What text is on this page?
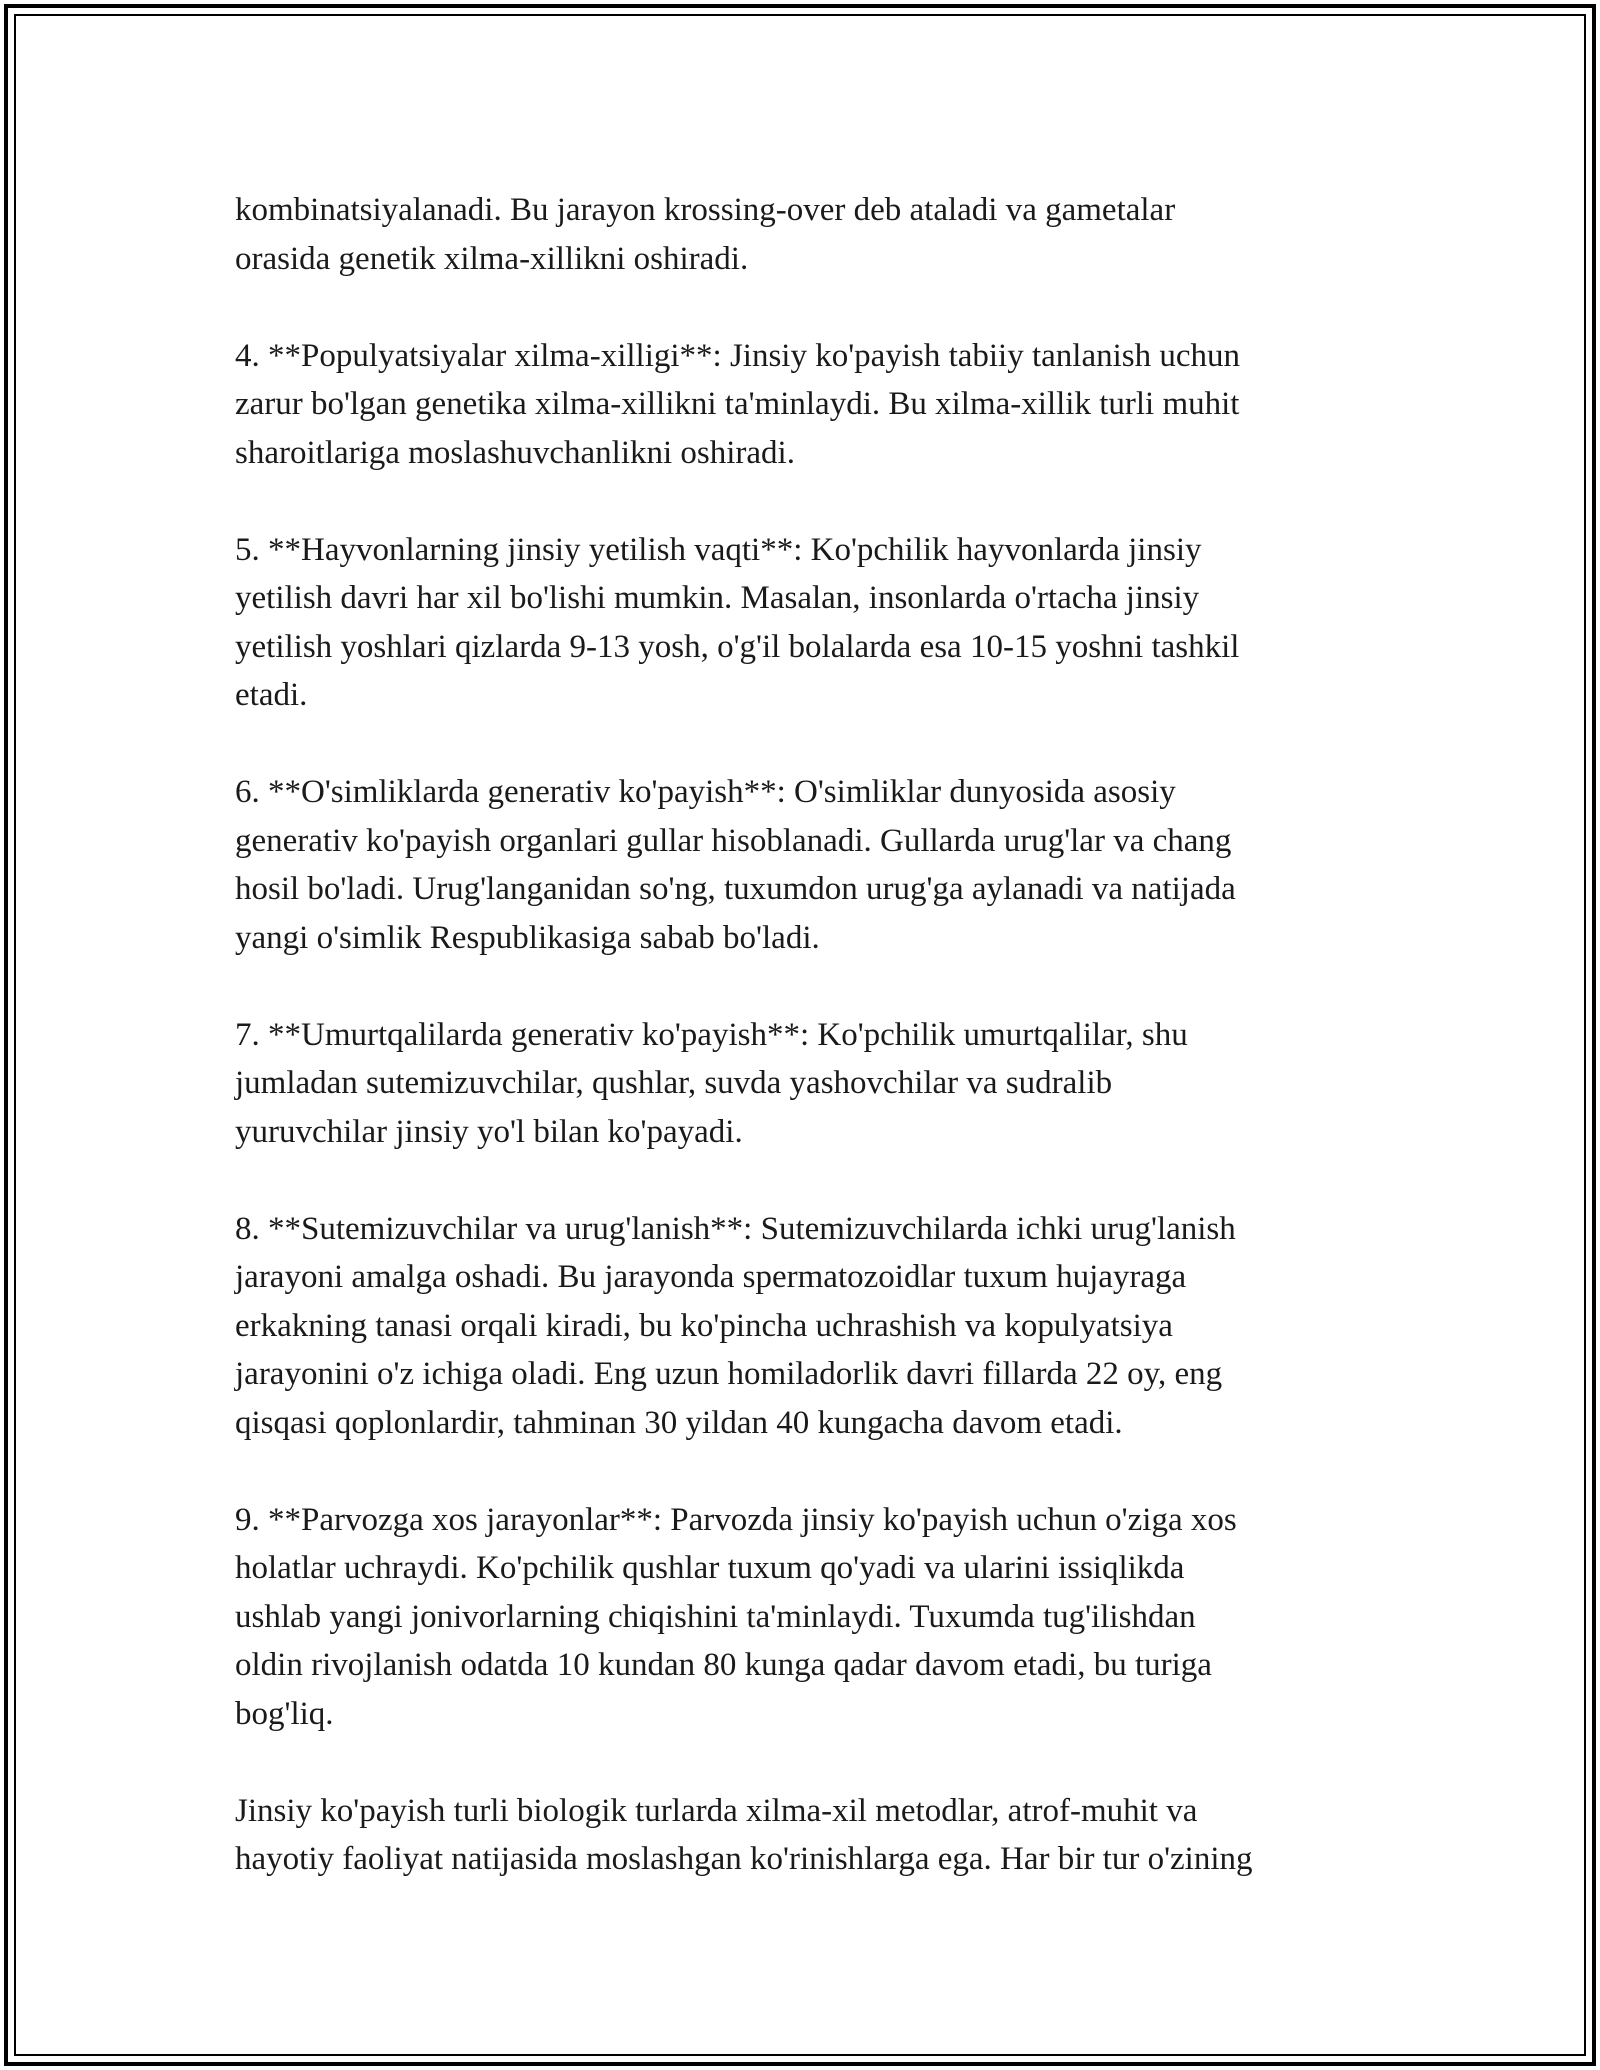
kombinatsiyalanadi. Bu jarayon krossing-over deb ataladi va gametalar
orasida genetik xilma-xillikni oshiradi.

4. **Populyatsiyalar xilma-xilligi**: Jinsiy ko'payish tabiiy tanlanish uchun
zarur bo'lgan genetika xilma-xillikni ta'minlaydi. Bu xilma-xillik turli muhit
sharoitlariga moslashuvchanlikni oshiradi.

5. **Hayvonlarning jinsiy yetilish vaqti**: Ko'pchilik hayvonlarda jinsiy
yetilish davri har xil bo'lishi mumkin. Masalan, insonlarda o'rtacha jinsiy
yetilish yoshlari qizlarda 9-13 yosh, o'g'il bolalarda esa 10-15 yoshni tashkil
etadi.

6. **O'simliklarda generativ ko'payish**: O'simliklar dunyosida asosiy
generativ ko'payish organlari gullar hisoblanadi. Gullarda urug'lar va chang
hosil bo'ladi. Urug'langanidan so'ng, tuxumdon urug'ga aylanadi va natijada
yangi o'simlik Respublikasiga sabab bo'ladi.

7. **Umurtqalilarda generativ ko'payish**: Ko'pchilik umurtqalilar, shu
jumladan sutemizuvchilar, qushlar, suvda yashovchilar va sudralib
yuruvchilar jinsiy yo'l bilan ko'payadi.

8. **Sutemizuvchilar va urug'lanish**: Sutemizuvchilarda ichki urug'lanish
jarayoni amalga oshadi. Bu jarayonda spermatozoidlar tuxum hujayraga
erkakning tanasi orqali kiradi, bu ko'pincha uchrashish va kopulyatsiya
jarayonini o'z ichiga oladi. Eng uzun homiladorlik davri fillarda 22 oy, eng
qisqasi qoplonlardir, tahminan 30 yildan 40 kungacha davom etadi.

9. **Parvozga xos jarayonlar**: Parvozda jinsiy ko'payish uchun o'ziga xos
holatlar uchraydi. Ko'pchilik qushlar tuxum qo'yadi va ularini issiqlikda
ushlab yangi jonivorlarning chiqishini ta'minlaydi. Tuxumda tug'ilishdan
oldin rivojlanish odatda 10 kundan 80 kunga qadar davom etadi, bu turiga
bog'liq.

Jinsiy ko'payish turli biologik turlarda xilma-xil metodlar, atrof-muhit va
hayotiy faoliyat natijasida moslashgan ko'rinishlarga ega. Har bir tur o'zining
